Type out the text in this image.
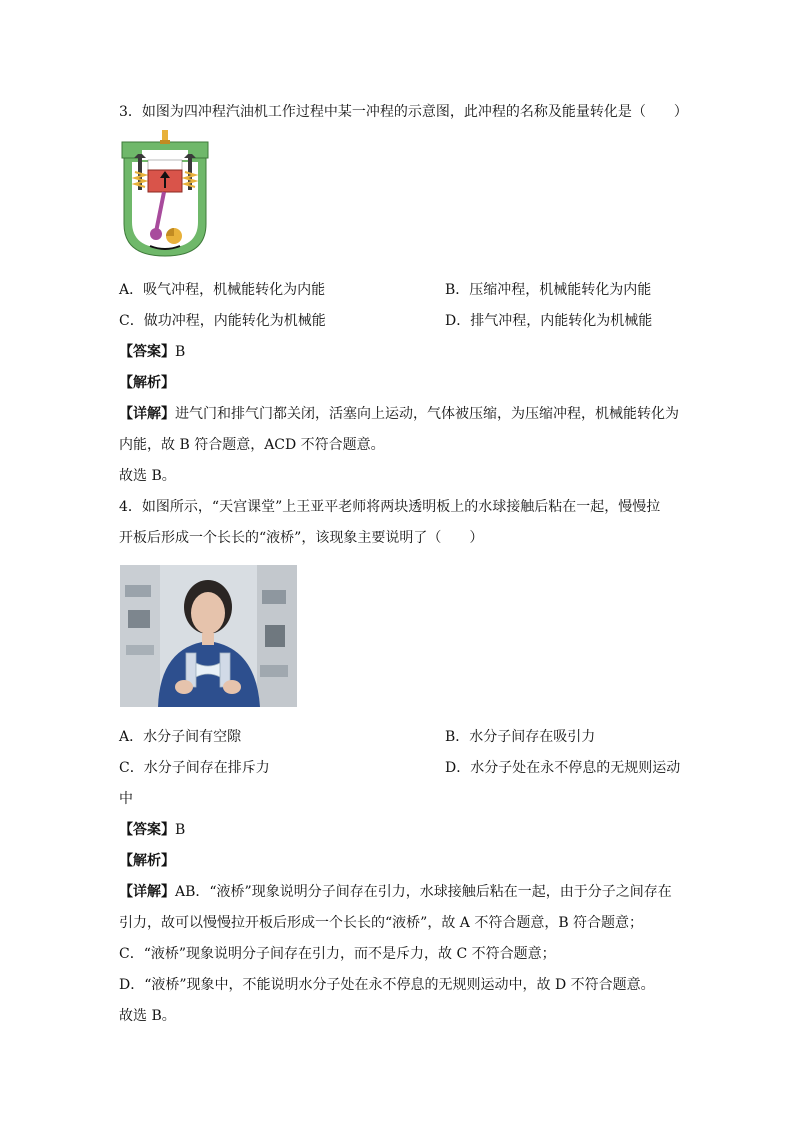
3．如图为四冲程汽油机工作过程中某一冲程的示意图，此冲程的名称及能量转化是（　　）
A．吸气冲程，机械能转化为内能	B．压缩冲程，机械能转化为内能
C．做功冲程，内能转化为机械能	D．排气冲程，内能转化为机械能
【答案】B
【解析】
【详解】进气门和排气门都关闭，活塞向上运动，气体被压缩，为压缩冲程，机械能转化为
内能，故 B 符合题意，ACD 不符合题意。
故选 B。
4．如图所示，“天宫课堂”上王亚平老师将两块透明板上的水球接触后粘在一起，慢慢拉
开板后形成一个长长的“液桥”，该现象主要说明了（　　）
A．水分子间有空隙	B．水分子间存在吸引力
C．水分子间存在排斥力	D．水分子处在永不停息的无规则运动
中
【答案】B
【解析】
【详解】AB．“液桥”现象说明分子间存在引力，水球接触后粘在一起，由于分子之间存在
引力，故可以慢慢拉开板后形成一个长长的“液桥”，故 A 不符合题意，B 符合题意；
C．“液桥”现象说明分子间存在引力，而不是斥力，故 C 不符合题意；
D．“液桥”现象中，不能说明水分子处在永不停息的无规则运动中，故 D 不符合题意。
故选 B。
